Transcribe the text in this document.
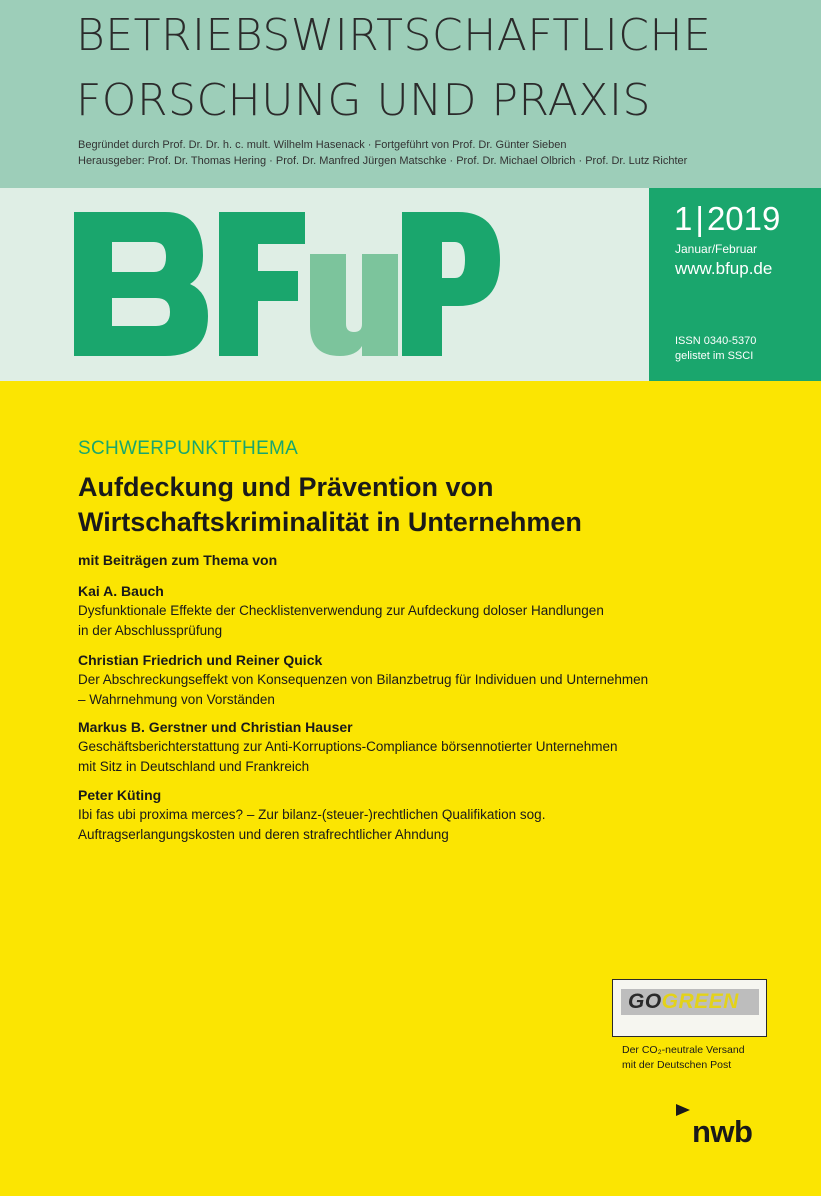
BETRIEBSWIRTSCHAFTLICHE
FORSCHUNG UND PRAXIS
Begründet durch Prof. Dr. Dr. h. c. mult. Wilhelm Hasenack · Fortgeführt von Prof. Dr. Günter Sieben
Herausgeber: Prof. Dr. Thomas Hering · Prof. Dr. Manfred Jürgen Matschke · Prof. Dr. Michael Olbrich · Prof. Dr. Lutz Richter
1|2019
Januar/Februar
www.bfup.de
ISSN 0340-5370
gelistet im SSCI
SCHWERPUNKTTHEMA
Aufdeckung und Prävention von
Wirtschaftskriminalität in Unternehmen
mit Beiträgen zum Thema von
Kai A. Bauch
Dysfunktionale Effekte der Checklistenverwendung zur Aufdeckung doloser Handlungen
in der Abschlussprüfung
Christian Friedrich und Reiner Quick
Der Abschreckungseffekt von Konsequenzen von Bilanzbetrug für Individuen und Unternehmen
– Wahrnehmung von Vorständen
Markus B. Gerstner und Christian Hauser
Geschäftsberichterstattung zur Anti-Korruptions-Compliance börsennotierter Unternehmen
mit Sitz in Deutschland und Frankreich
Peter Küting
Ibi fas ubi proxima merces? – Zur bilanz-(steuer-)rechtlichen Qualifikation sog.
Auftragserlangungskosten und deren strafrechtlicher Ahndung
GOGREEN
Der CO₂-neutrale Versand
mit der Deutschen Post
nwb
